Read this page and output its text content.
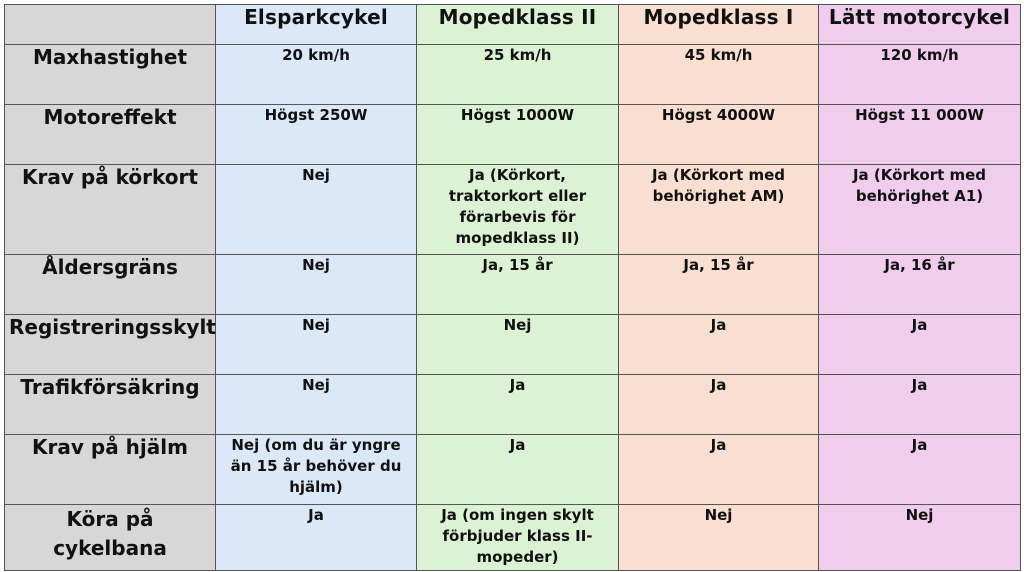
	Elsparkcykel	Mopedklass II	Mopedklass I	Lätt motorcykel
Maxhastighet	20 km/h	25 km/h	45 km/h	120 km/h
Motoreffekt	Högst 250W	Högst 1000W	Högst 4000W	Högst 11 000W
Krav på körkort	Nej	Ja (Körkort, traktorkort eller förarbevis för mopedklass II)	Ja (Körkort med behörighet AM)	Ja (Körkort med behörighet A1)
Åldersgräns	Nej	Ja, 15 år	Ja, 15 år	Ja, 16 år
Registreringsskylt	Nej	Nej	Ja	Ja
Trafikförsäkring	Nej	Ja	Ja	Ja
Krav på hjälm	Nej (om du är yngre än 15 år behöver du hjälm)	Ja	Ja	Ja
Köra på cykelbana	Ja	Ja (om ingen skylt förbjuder klass II-mopeder)	Nej	Nej
